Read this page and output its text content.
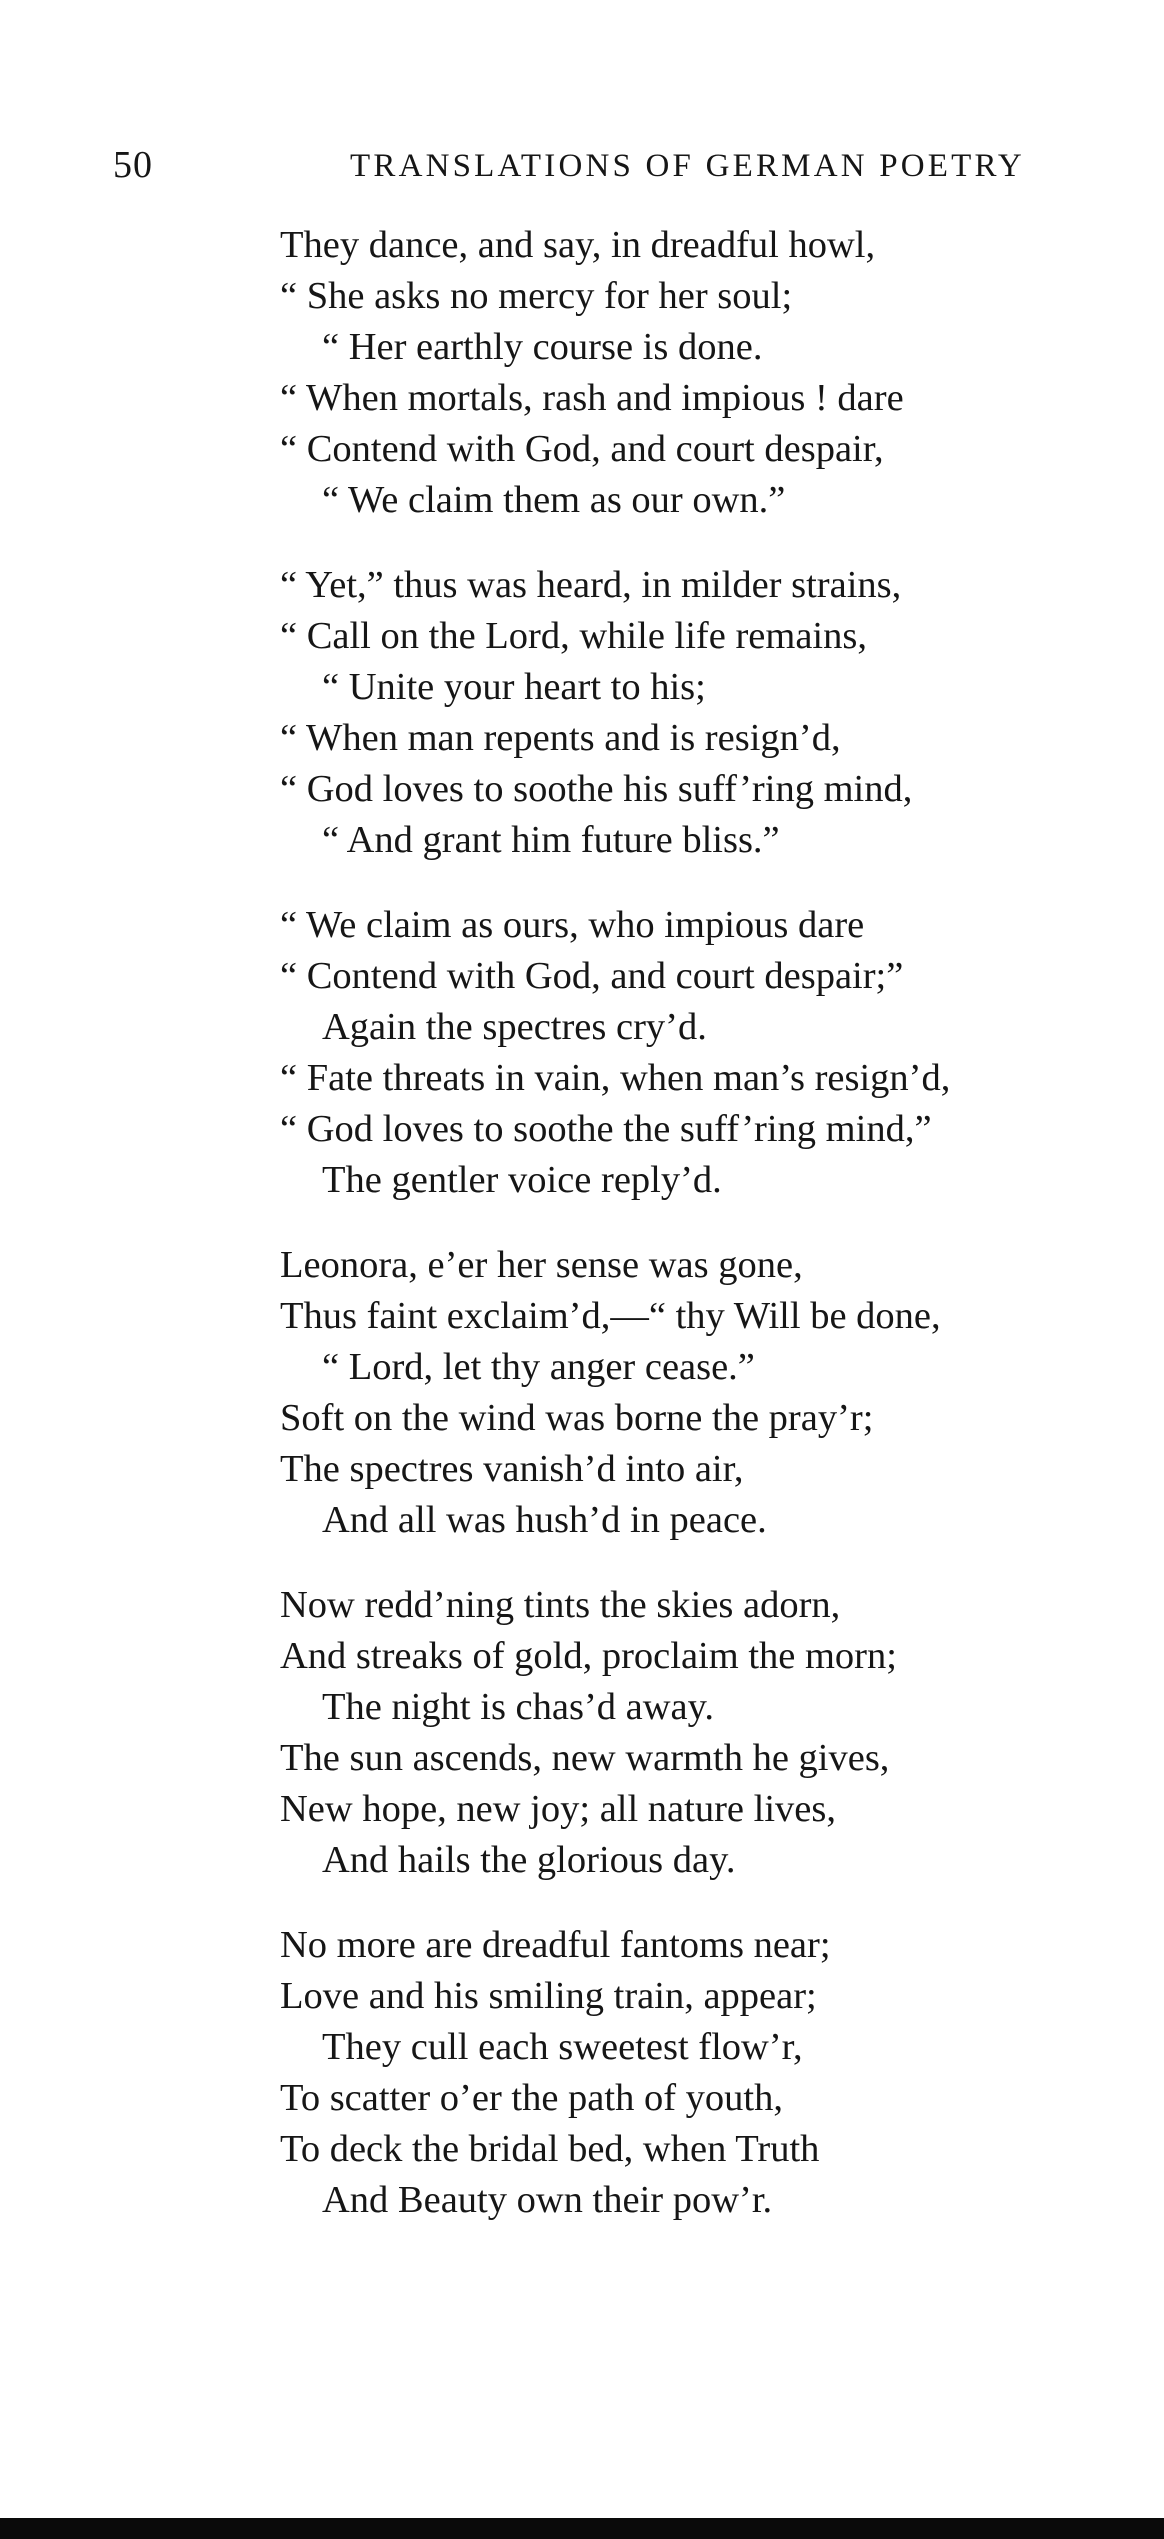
50	TRANSLATIONS OF GERMAN POETRY
They dance, and say, in dreadful howl,
“ She asks no mercy for her soul;
“ Her earthly course is done.
“ When mortals, rash and impious ! dare
“ Contend with God, and court despair,
“ We claim them as our own.”
“ Yet,” thus was heard, in milder strains,
“ Call on the Lord, while life remains,
“ Unite your heart to his;
“ When man repents and is resign’d,
“ God loves to soothe his suff’ring mind,
“ And grant him future bliss.”
“ We claim as ours, who impious dare
“ Contend with God, and court despair;”
Again the spectres cry’d.
“ Fate threats in vain, when man’s resign’d,
“ God loves to soothe the suff’ring mind,”
The gentler voice reply’d.
Leonora, e’er her sense was gone,
Thus faint exclaim’d,—“ thy Will be done,
“ Lord, let thy anger cease.”
Soft on the wind was borne the pray’r;
The spectres vanish’d into air,
And all was hush’d in peace.
Now redd’ning tints the skies adorn,
And streaks of gold, proclaim the morn;
The night is chas’d away.
The sun ascends, new warmth he gives,
New hope, new joy; all nature lives,
And hails the glorious day.
No more are dreadful fantoms near;
Love and his smiling train, appear;
They cull each sweetest flow’r,
To scatter o’er the path of youth,
To deck the bridal bed, when Truth
And Beauty own their pow’r.
